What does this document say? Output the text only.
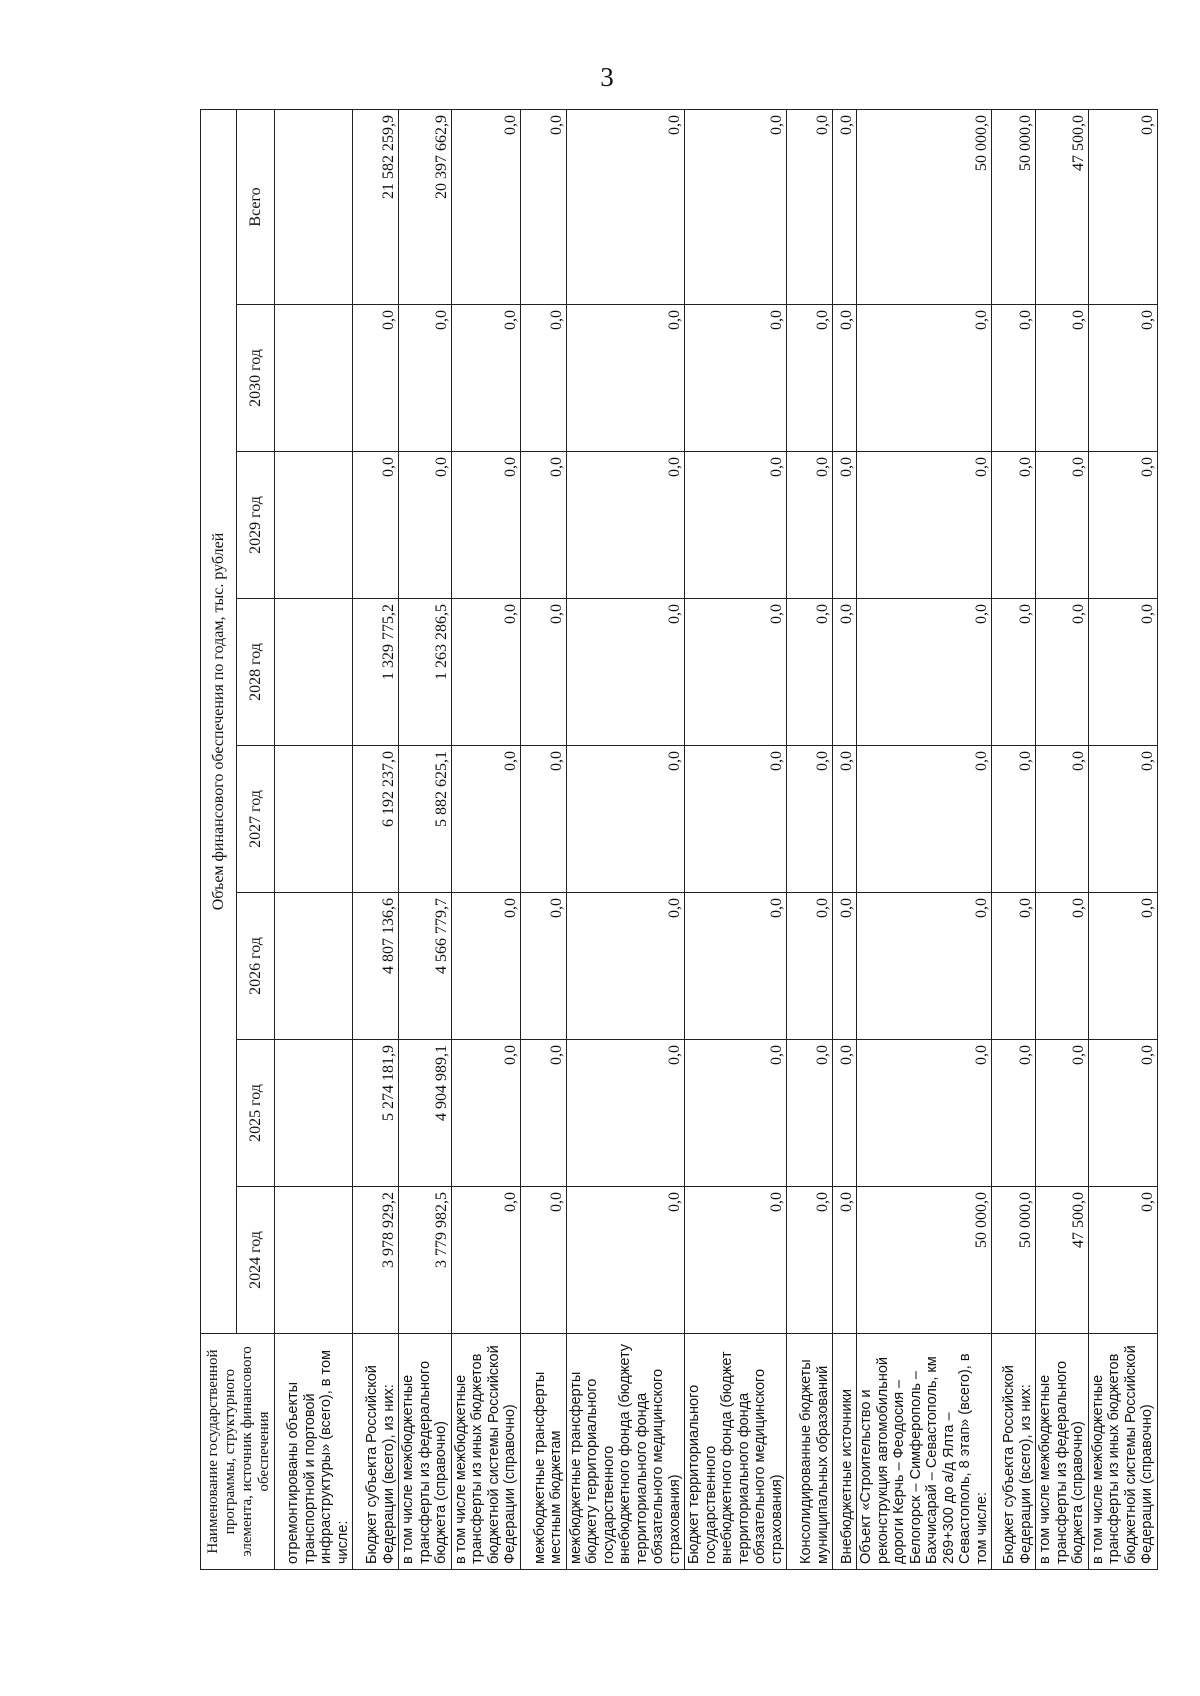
3
Наименование государственной программы, структурного элемента, источник финансового обеспечения	Объем финансового обеспечения по годам, тыс. рублей							
	2024 год	2025 год	2026 год	2027 год	2028 год	2029 год	2030 год	Всего
отремонтированы объекты транспортной и портовой инфраструктуры» (всего), в том числе:								
Бюджет субъекта Российской Федерации (всего), из них:	3 978 929,2	5 274 181,9	4 807 136,6	6 192 237,0	1 329 775,2	0,0	0,0	21 582 259,9
в том числе межбюджетные трансферты из федерального бюджета (справочно)	3 779 982,5	4 904 989,1	4 566 779,7	5 882 625,1	1 263 286,5	0,0	0,0	20 397 662,9
в том числе межбюджетные трансферты из иных бюджетов бюджетной системы Российской Федерации (справочно)	0,0	0,0	0,0	0,0	0,0	0,0	0,0	0,0
межбюджетные трансферты местным бюджетам	0,0	0,0	0,0	0,0	0,0	0,0	0,0	0,0
межбюджетные трансферты бюджету территориального государственного внебюджетного фонда (бюджету территориального фонда обязательного медицинского страхования)	0,0	0,0	0,0	0,0	0,0	0,0	0,0	0,0
Бюджет территориального государственного внебюджетного фонда (бюджет территориального фонда обязательного медицинского страхования)	0,0	0,0	0,0	0,0	0,0	0,0	0,0	0,0
Консолидированные бюджеты муниципальных образований	0,0	0,0	0,0	0,0	0,0	0,0	0,0	0,0
Внебюджетные источники	0,0	0,0	0,0	0,0	0,0	0,0	0,0	0,0
Объект «Строительство и реконструкция автомобильной дороги Керчь – Феодосия – Белогорск – Симферополь – Бахчисарай – Севастополь, км 269+300 до а/д Ялта – Севастополь, 8 этап» (всего), в том числе:	50 000,0	0,0	0,0	0,0	0,0	0,0	0,0	50 000,0
Бюджет субъекта Российской Федерации (всего), из них:	50 000,0	0,0	0,0	0,0	0,0	0,0	0,0	50 000,0
в том числе межбюджетные трансферты из федерального бюджета (справочно)	47 500,0	0,0	0,0	0,0	0,0	0,0	0,0	47 500,0
в том числе межбюджетные трансферты из иных бюджетов бюджетной системы Российской Федерации (справочно)	0,0	0,0	0,0	0,0	0,0	0,0	0,0	0,0
